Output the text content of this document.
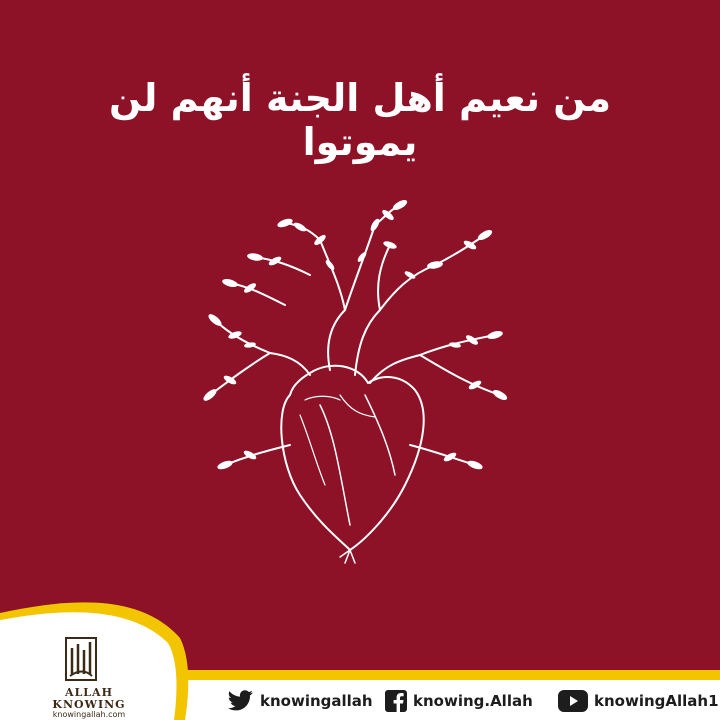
من نعيم أهل الجنة أنهم لن يموتوا
ALLAH
KNOWING
knowingallah.com
knowingallah	knowing.Allah	knowingAllah1
